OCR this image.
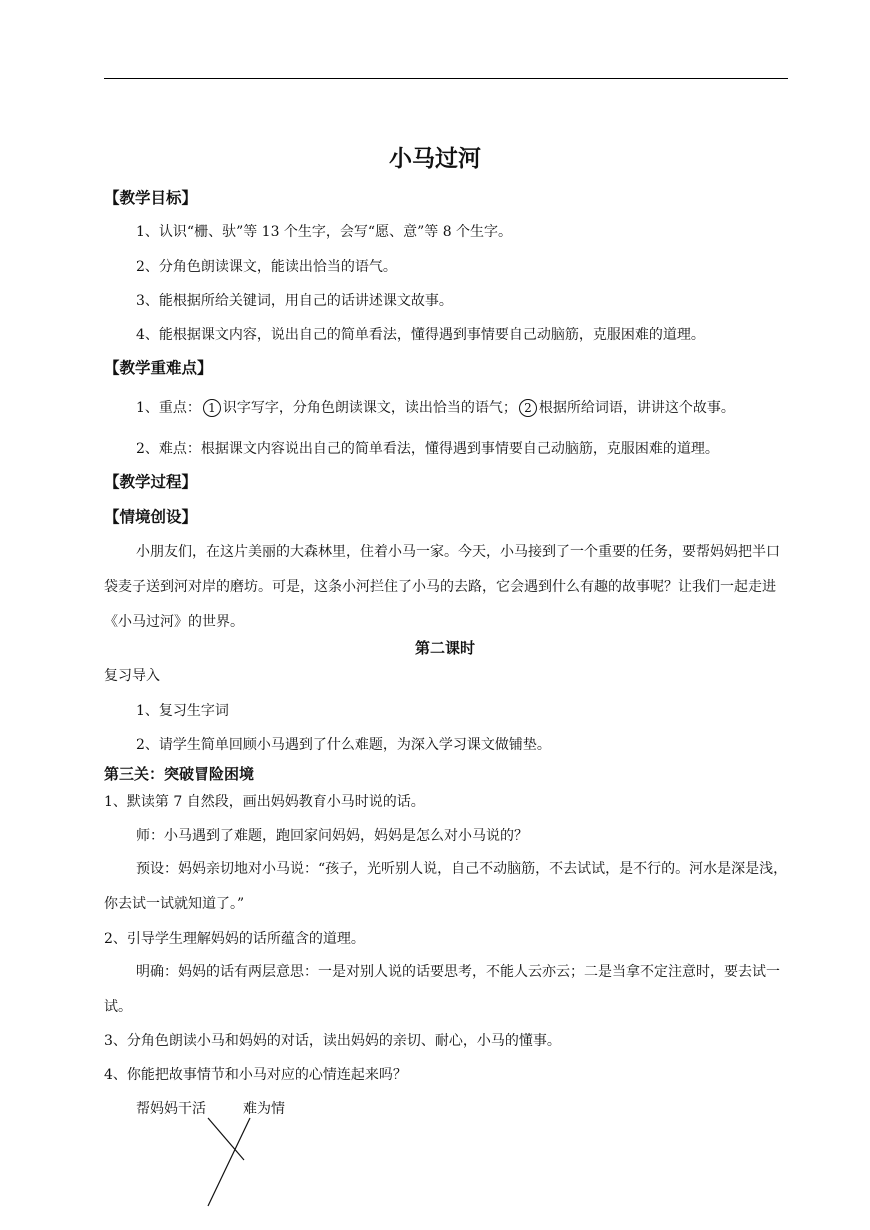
小马过河
【教学目标】
1、认识“栅、驮”等 13 个生字，会写“愿、意”等 8 个生字。
2、分角色朗读课文，能读出恰当的语气。
3、能根据所给关键词，用自己的话讲述课文故事。
4、能根据课文内容，说出自己的简单看法，懂得遇到事情要自己动脑筋，克服困难的道理。
【教学重难点】
1、重点： 1 识字写字，分角色朗读课文，读出恰当的语气； 2 根据所给词语，讲讲这个故事。
2、难点：根据课文内容说出自己的简单看法，懂得遇到事情要自己动脑筋，克服困难的道理。
【教学过程】
【情境创设】
小朋友们，在这片美丽的大森林里，住着小马一家。今天，小马接到了一个重要的任务，要帮妈妈把半口袋麦子送到河对岸的磨坊。可是，这条小河拦住了小马的去路，它会遇到什么有趣的故事呢？让我们一起走进《小马过河》的世界。
第二课时
复习导入
1、复习生字词
2、请学生简单回顾小马遇到了什么难题，为深入学习课文做铺垫。
第三关：突破冒险困境
1、默读第 7 自然段，画出妈妈教育小马时说的话。
师：小马遇到了难题，跑回家问妈妈，妈妈是怎么对小马说的？
预设：妈妈亲切地对小马说：“孩子，光听别人说，自己不动脑筋，不去试试，是不行的。河水是深是浅，你去试一试就知道了。”
2、引导学生理解妈妈的话所蕴含的道理。
明确：妈妈的话有两层意思：一是对别人说的话要思考，不能人云亦云；二是当拿不定注意时，要去试一试。
3、分角色朗读小马和妈妈的对话，读出妈妈的亲切、耐心，小马的懂事。
4、你能把故事情节和小马对应的心情连起来吗？
帮妈妈干活	难为情
